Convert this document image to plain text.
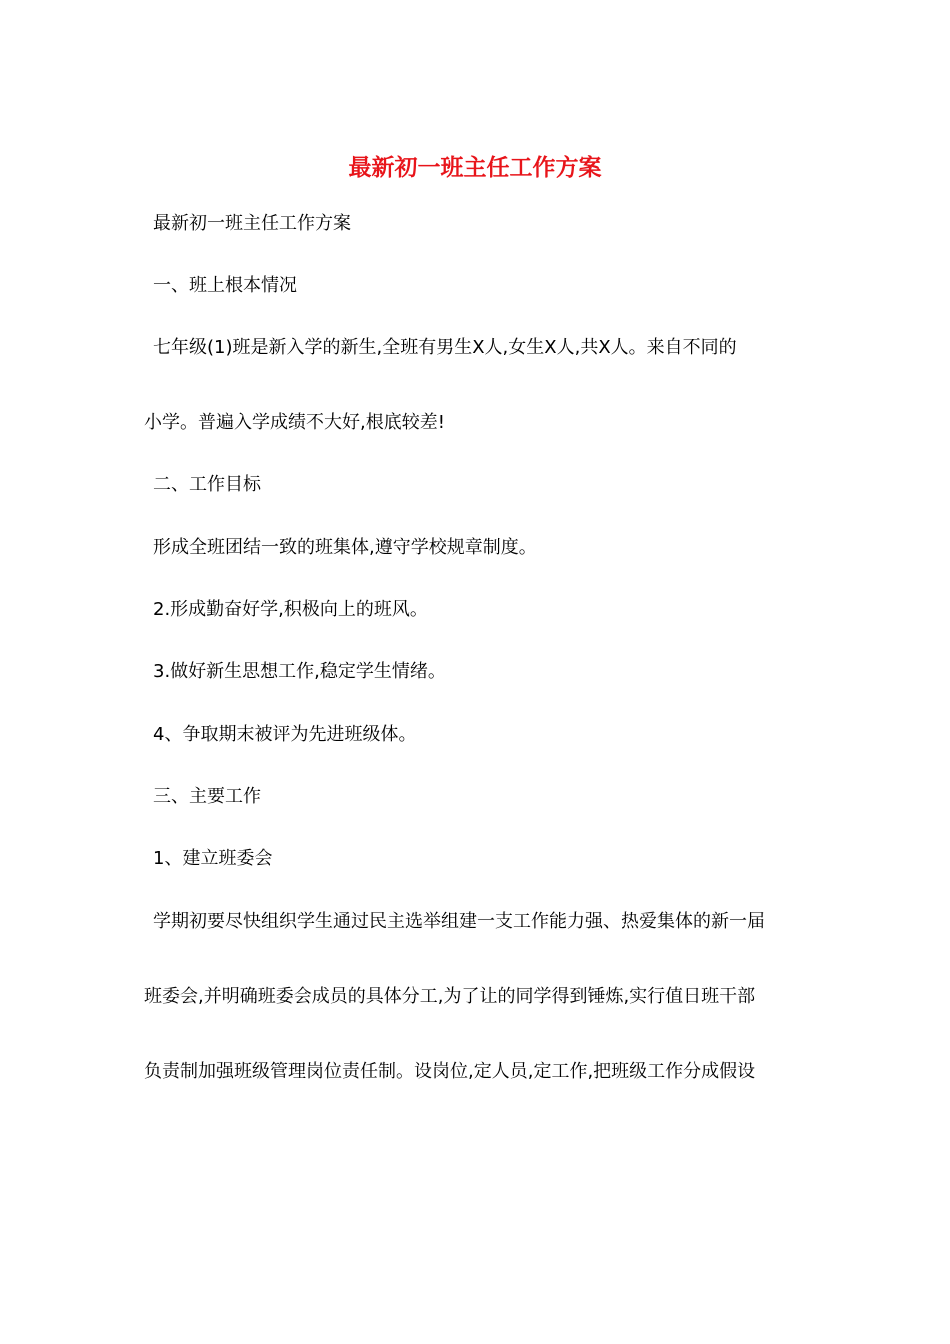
最新初一班主任工作方案

最新初一班主任工作方案

一、班上根本情况

七年级(1)班是新入学的新生,全班有男生X人,女生X人,共X人。来自不同的

小学。普遍入学成绩不大好,根底较差!

二、工作目标

形成全班团结一致的班集体,遵守学校规章制度。

2.形成勤奋好学,积极向上的班风。

3.做好新生思想工作,稳定学生情绪。

4、争取期末被评为先进班级体。

三、主要工作

1、建立班委会

学期初要尽快组织学生通过民主选举组建一支工作能力强、热爱集体的新一届

班委会,并明确班委会成员的具体分工,为了让的同学得到锤炼,实行值日班干部

负责制加强班级管理岗位责任制。设岗位,定人员,定工作,把班级工作分成假设
